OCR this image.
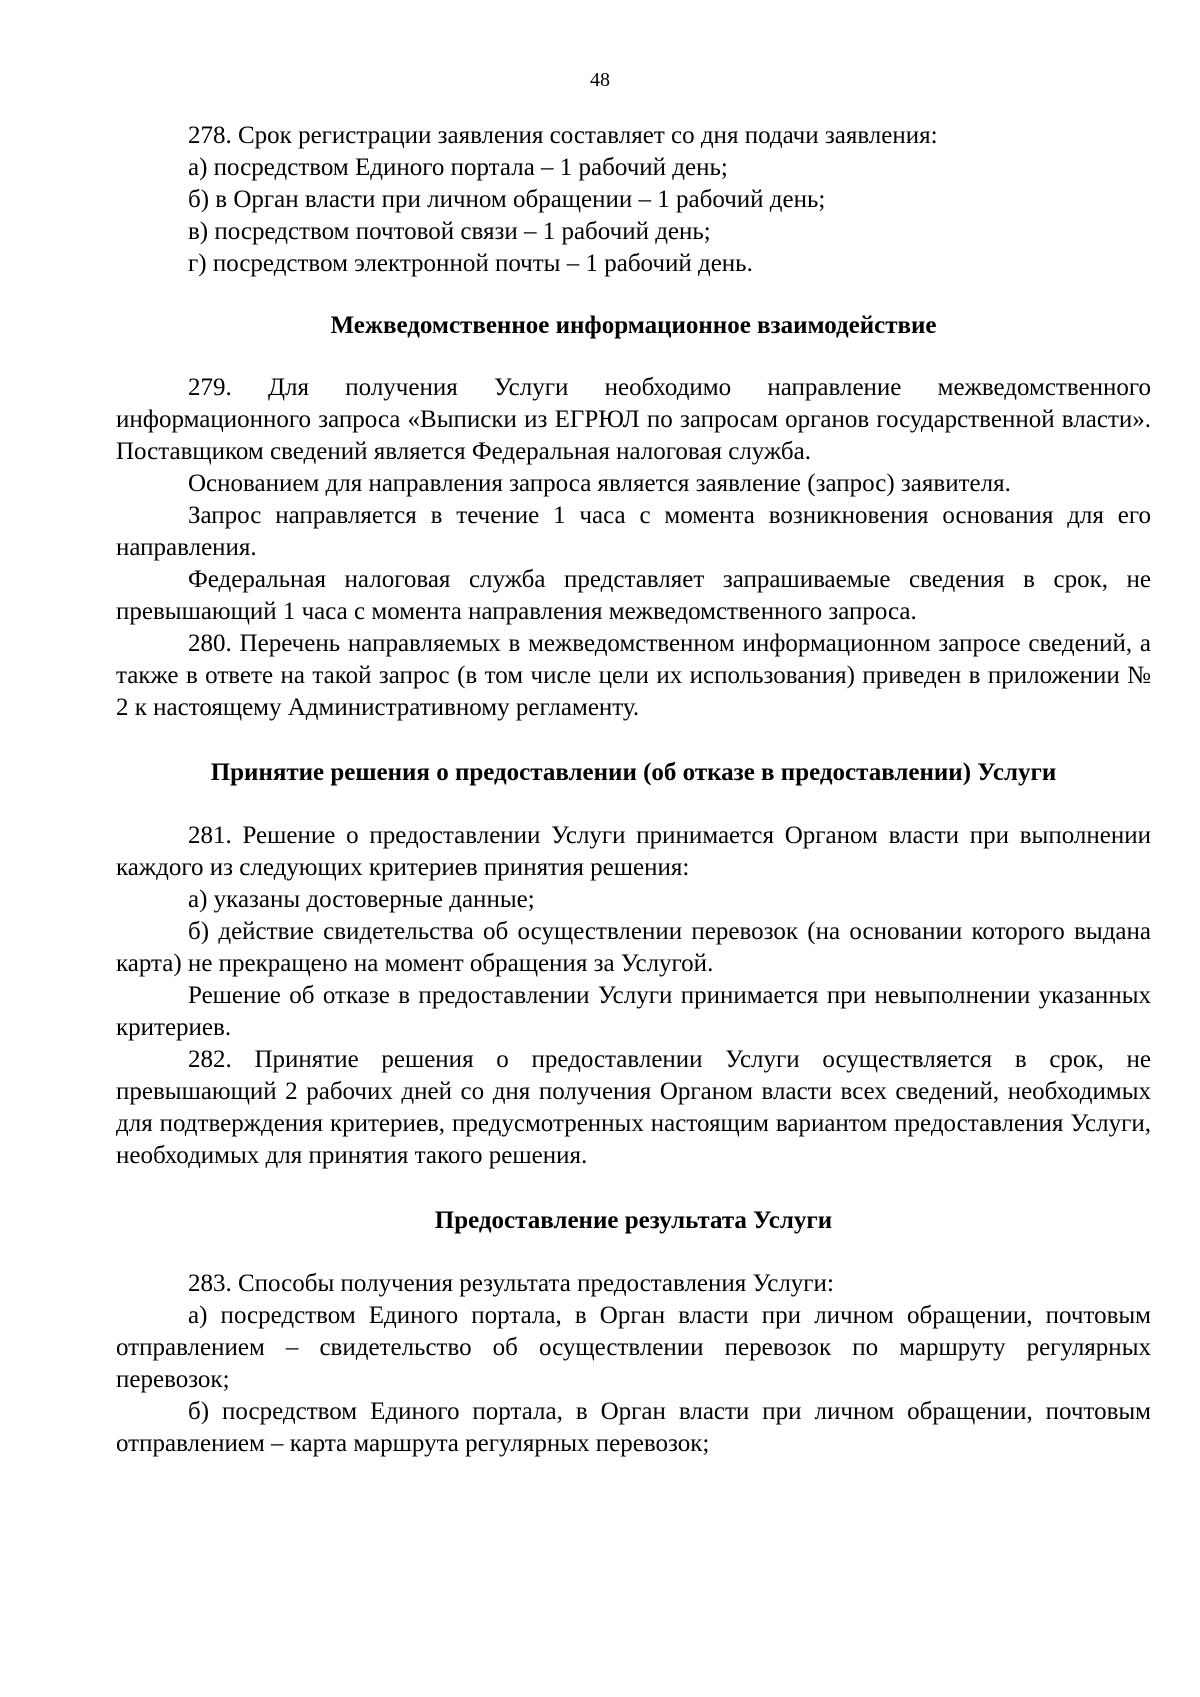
48

278. Срок регистрации заявления составляет со дня подачи заявления:

а) посредством Единого портала – 1 рабочий день;

б) в Орган власти при личном обращении – 1 рабочий день;

в) посредством почтовой связи – 1 рабочий день;

г) посредством электронной почты – 1 рабочий день.

Межведомственное информационное взаимодействие

279. Для получения Услуги необходимо направление межведомственного информационного запроса «Выписки из ЕГРЮЛ по запросам органов государственной власти». Поставщиком сведений является Федеральная налоговая служба.

Основанием для направления запроса является заявление (запрос) заявителя.

Запрос направляется в течение 1 часа с момента возникновения основания для его направления.

Федеральная налоговая служба представляет запрашиваемые сведения в срок, не превышающий 1 часа с момента направления межведомственного запроса.

280. Перечень направляемых в межведомственном информационном запросе сведений, а также в ответе на такой запрос (в том числе цели их использования) приведен в приложении № 2 к настоящему Административному регламенту.

Принятие решения о предоставлении (об отказе в предоставлении) Услуги

281. Решение о предоставлении Услуги принимается Органом власти при выполнении каждого из следующих критериев принятия решения:

а) указаны достоверные данные;

б) действие свидетельства об осуществлении перевозок (на основании которого выдана карта) не прекращено на момент обращения за Услугой.

Решение об отказе в предоставлении Услуги принимается при невыполнении указанных критериев.

282. Принятие решения о предоставлении Услуги осуществляется в срок, не превышающий 2 рабочих дней со дня получения Органом власти всех сведений, необходимых для подтверждения критериев, предусмотренных настоящим вариантом предоставления Услуги, необходимых для принятия такого решения.

Предоставление результата Услуги

283. Способы получения результата предоставления Услуги:

а) посредством Единого портала, в Орган власти при личном обращении, почтовым отправлением – свидетельство об осуществлении перевозок по маршруту регулярных перевозок;

б) посредством Единого портала, в Орган власти при личном обращении, почтовым отправлением – карта маршрута регулярных перевозок;
